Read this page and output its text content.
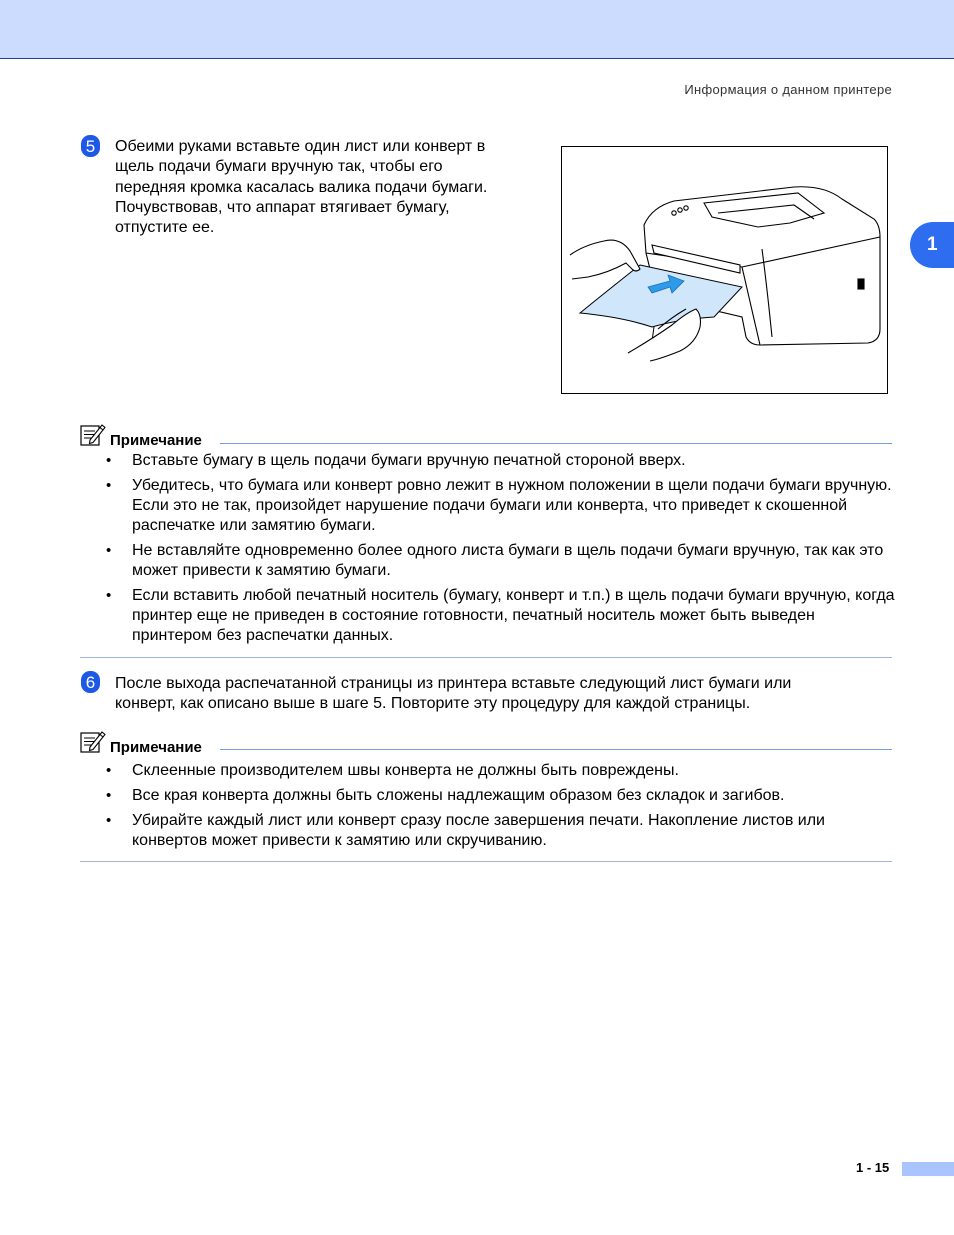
Информация о данном принтере
1
5 Обеими руками вставьте один лист или конверт в
щель подачи бумаги вручную так, чтобы его
передняя кромка касалась валика подачи бумаги.
Почувствовав, что аппарат втягивает бумагу,
отпустите ее.
Примечание
• Вставьте бумагу в щель подачи бумаги вручную печатной стороной вверх.
• Убедитесь, что бумага или конверт ровно лежит в нужном положении в щели подачи бумаги вручную. Если это не так, произойдет нарушение подачи бумаги или конверта, что приведет к скошенной распечатке или замятию бумаги.
• Не вставляйте одновременно более одного листа бумаги в щель подачи бумаги вручную, так как это может привести к замятию бумаги.
• Если вставить любой печатный носитель (бумагу, конверт и т.п.) в щель подачи бумаги вручную, когда принтер еще не приведен в состояние готовности, печатный носитель может быть выведен принтером без распечатки данных.
6 После выхода распечатанной страницы из принтера вставьте следующий лист бумаги или
конверт, как описано выше в шаге 5. Повторите эту процедуру для каждой страницы.
Примечание
• Склеенные производителем швы конверта не должны быть повреждены.
• Все края конверта должны быть сложены надлежащим образом без складок и загибов.
• Убирайте каждый лист или конверт сразу после завершения печати. Накопление листов или конвертов может привести к замятию или скручиванию.
1 - 15
